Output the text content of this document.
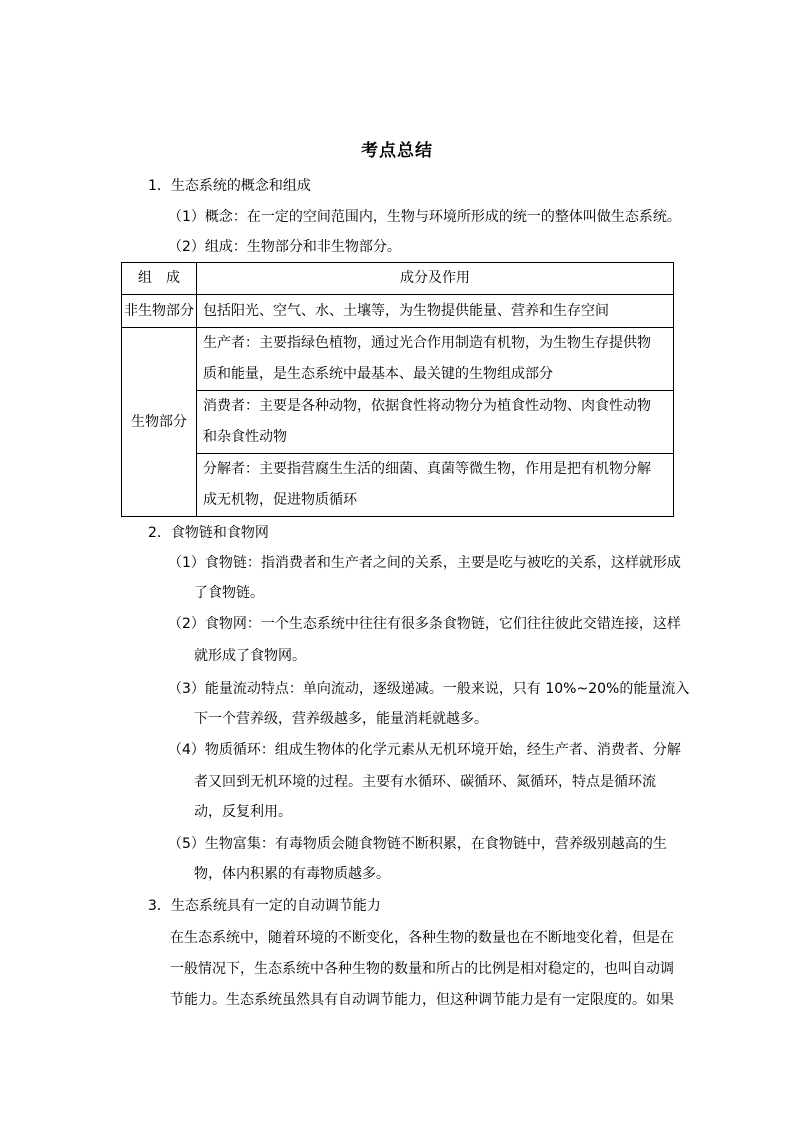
考点总结
1．生态系统的概念和组成
（1）概念：在一定的空间范围内，生物与环境所形成的统一的整体叫做生态系统。
（2）组成：生物部分和非生物部分。
组　成	成分及作用
非生物部分	包括阳光、空气、水、土壤等，为生物提供能量、营养和生存空间
生物部分	生产者：主要指绿色植物，通过光合作用制造有机物，为生物生存提供物
质和能量，是生态系统中最基本、最关键的生物组成部分

	消费者：主要是各种动物，依据食性将动物分为植食性动物、肉食性动物
和杂食性动物

	分解者：主要指营腐生生活的细菌、真菌等微生物，作用是把有机物分解
成无机物，促进物质循环
2．食物链和食物网
（1）食物链：指消费者和生产者之间的关系，主要是吃与被吃的关系，这样就形成
了食物链。
（2）食物网：一个生态系统中往往有很多条食物链，它们往往彼此交错连接，这样
就形成了食物网。
（3）能量流动特点：单向流动，逐级递减。一般来说，只有 10%~20%的能量流入
下一个营养级，营养级越多，能量消耗就越多。
（4）物质循环：组成生物体的化学元素从无机环境开始，经生产者、消费者、分解
者又回到无机环境的过程。主要有水循环、碳循环、氮循环，特点是循环流
动，反复利用。
（5）生物富集：有毒物质会随食物链不断积累，在食物链中，营养级别越高的生
物，体内积累的有毒物质越多。
3．生态系统具有一定的自动调节能力
在生态系统中，随着环境的不断变化，各种生物的数量也在不断地变化着，但是在
一般情况下，生态系统中各种生物的数量和所占的比例是相对稳定的，也叫自动调
节能力。生态系统虽然具有自动调节能力，但这种调节能力是有一定限度的。如果
